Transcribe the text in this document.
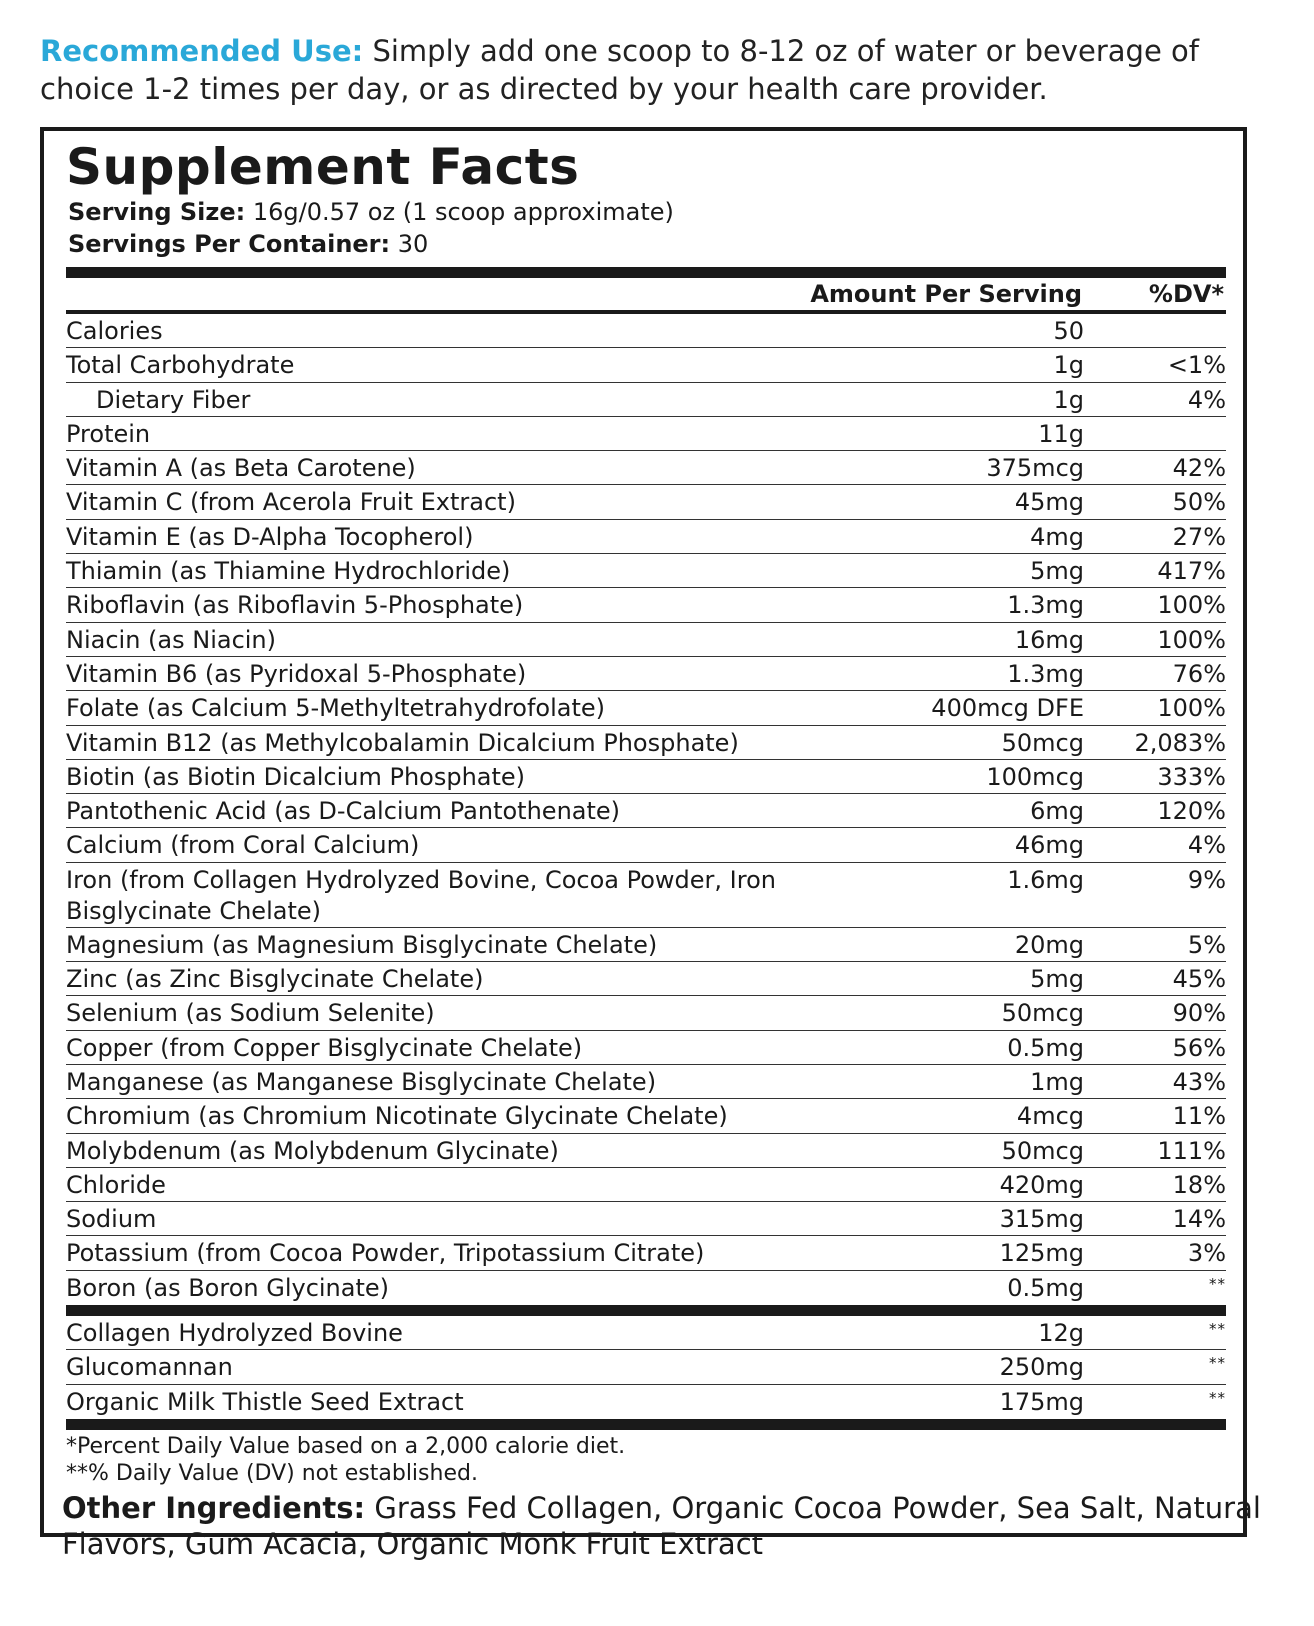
Recommended Use: Simply add one scoop to 8-12 oz of water or beverage of choice 1-2 times per day, or as directed by your health care provider.
Supplement Facts
Serving Size: 16g/0.57 oz (1 scoop approximate)
Servings Per Container: 30
Amount Per Serving	%DV*
Calories	50
Total Carbohydrate	1g	<1%
Dietary Fiber	1g	4%
Protein	11g
Vitamin A (as Beta Carotene)	375mcg	42%
Vitamin C (from Acerola Fruit Extract)	45mg	50%
Vitamin E (as D-Alpha Tocopherol)	4mg	27%
Thiamin (as Thiamine Hydrochloride)	5mg	417%
Riboflavin (as Riboflavin 5-Phosphate)	1.3mg	100%
Niacin (as Niacin)	16mg	100%
Vitamin B6 (as Pyridoxal 5-Phosphate)	1.3mg	76%
Folate (as Calcium 5-Methyltetrahydrofolate)	400mcg DFE	100%
Vitamin B12 (as Methylcobalamin Dicalcium Phosphate)	50mcg	2,083%
Biotin (as Biotin Dicalcium Phosphate)	100mcg	333%
Pantothenic Acid (as D-Calcium Pantothenate)	6mg	120%
Calcium (from Coral Calcium)	46mg	4%
Iron (from Collagen Hydrolyzed Bovine, Cocoa Powder, Iron Bisglycinate Chelate)
1.6mg	9%
Magnesium (as Magnesium Bisglycinate Chelate)	20mg	5%
Zinc (as Zinc Bisglycinate Chelate)	5mg	45%
Selenium (as Sodium Selenite)	50mcg	90%
Copper (from Copper Bisglycinate Chelate)	0.5mg	56%
Manganese (as Manganese Bisglycinate Chelate)	1mg	43%
Chromium (as Chromium Nicotinate Glycinate Chelate)	4mcg	11%
Molybdenum (as Molybdenum Glycinate)	50mcg	111%
Chloride	420mg	18%
Sodium	315mg	14%
Potassium (from Cocoa Powder, Tripotassium Citrate)	125mg	3%
Boron (as Boron Glycinate)	0.5mg	**
Collagen Hydrolyzed Bovine	12g	**
Glucomannan	250mg	**
Organic Milk Thistle Seed Extract	175mg	**
*Percent Daily Value based on a 2,000 calorie diet.
**% Daily Value (DV) not established.
Other Ingredients: Grass Fed Collagen, Organic Cocoa Powder, Sea Salt, Natural Flavors, Gum Acacia, Organic Monk Fruit Extract
